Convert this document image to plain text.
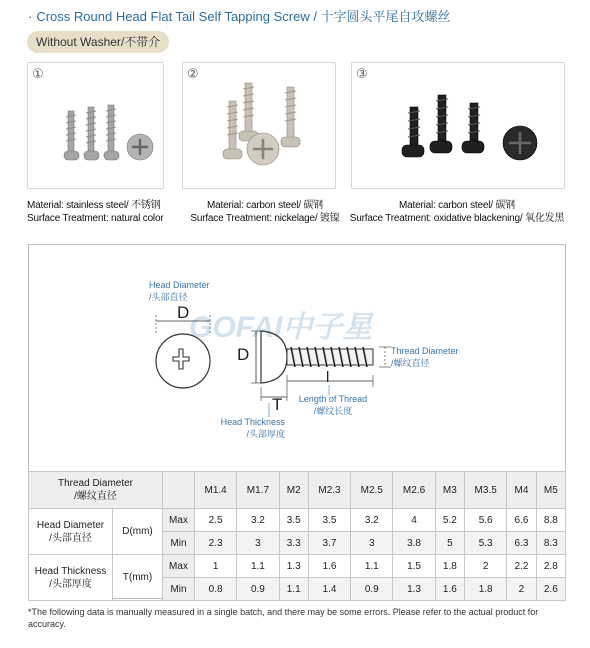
· Cross Round Head Flat Tail Self Tapping Screw / 十字圆头平尾自攻螺丝
Without Washer/不带介
①	②	③
Material: stainless steel/ 不锈钢
Surface Treatment: natural color
Material: carbon steel/ 碳钢
Surface Treatment: nickelage/ 镀镍
Material: carbon steel/ 碳钢
Surface Treatment: oxidative blackening/ 氧化发黑
GOFAI中子星
Head Diameter
/头部直径
D
D
T
l
Thread Diameter
/螺纹直径
Length of Thread
/螺纹长度
Head Thickness
/头部厚度
Thread Diameter
/螺纹直径			M1.4	M1.7	M2	M2.3	M2.5	M2.6	M3	M3.5	M4	M5

Head Diameter
/头部直径	D(mm)	Max	2.5	3.2	3.5	3.5	3.2	4	5.2	5.6	6.6	8.8
		Min	2.3	3	3.3	3.7	3	3.8	5	5.3	6.3	8.3

Head Thickness
/头部厚度	T(mm)	Max	1	1.1	1.3	1.6	1.1	1.5	1.8	2	2.2	2.8
		Min	0.8	0.9	1.1	1.4	0.9	1.3	1.6	1.8	2	2.6
*The following data is manually measured in a single batch, and there may be some errors. Please refer to the actual product for accuracy.
